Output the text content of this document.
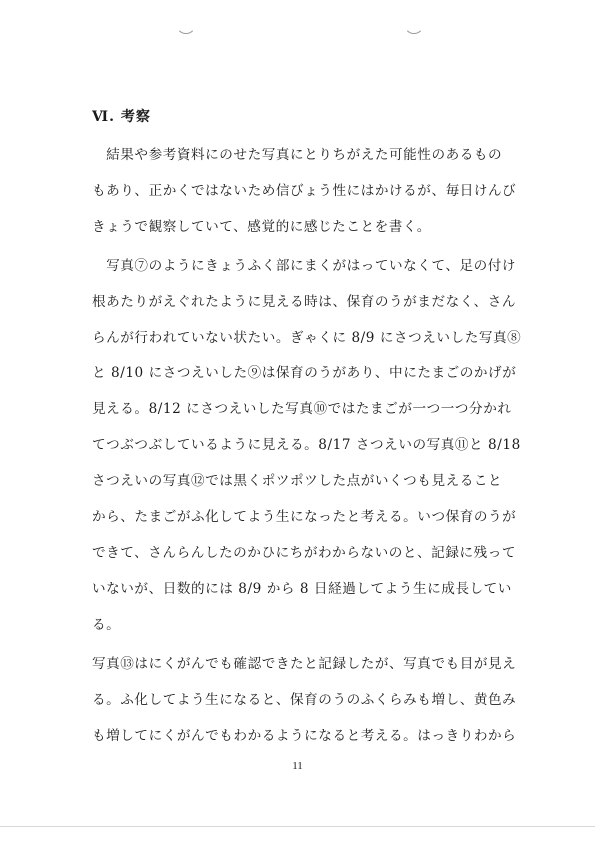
Ⅵ. 考察
　結果や参考資料にのせた写真にとりちがえた可能性のあるもの
もあり、正かくではないため信びょう性にはかけるが、毎日けんび
きょうで観察していて、感覚的に感じたことを書く。
　写真⑦のようにきょうふく部にまくがはっていなくて、足の付け
根あたりがえぐれたように見える時は、保育のうがまだなく、さん
らんが行われていない状たい。ぎゃくに 8/9 にさつえいした写真⑧
と 8/10 にさつえいした⑨は保育のうがあり、中にたまごのかげが
見える。8/12 にさつえいした写真⑩ではたまごが一つ一つ分かれ
てつぶつぶしているように見える。8/17 さつえいの写真⑪と 8/18
さつえいの写真⑫では黒くポツポツした点がいくつも見えること
から、たまごがふ化してよう生になったと考える。いつ保育のうが
できて、さんらんしたのかひにちがわからないのと、記録に残って
いないが、日数的には 8/9 から 8 日経過してよう生に成長してい
る。
写真⑬はにくがんでも確認できたと記録したが、写真でも目が見え
る。ふ化してよう生になると、保育のうのふくらみも増し、黄色み
も増してにくがんでもわかるようになると考える。はっきりわから
11
